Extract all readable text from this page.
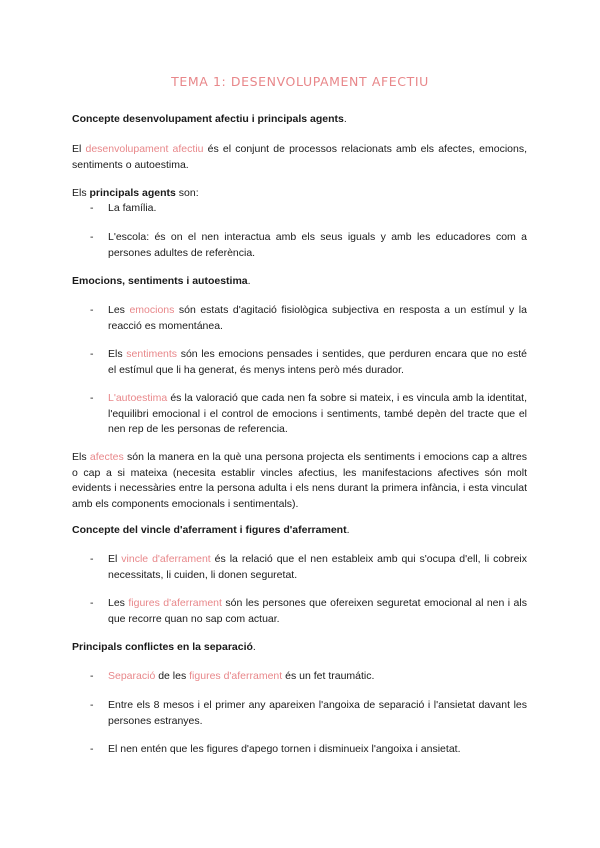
TEMA 1: DESENVOLUPAMENT AFECTIU

Concepte desenvolupament afectiu i principals agents.

El desenvolupament afectiu és el conjunt de processos relacionats amb els afectes, emocions, sentiments o autoestima.

Els principals agents son:

- La família.
- L'escola: és on el nen interactua amb els seus iguals y amb les educadores com a persones adultes de referència.

Emocions, sentiments i autoestima.

- Les emocions són estats d'agitació fisiològica subjectiva en resposta a un estímul y la reacció es momentánea.
- Els sentiments són les emocions pensades i sentides, que perduren encara que no esté el estímul que li ha generat, és menys intens però més durador.
- L'autoestima és la valoració que cada nen fa sobre si mateix, i es vincula amb la identitat, l'equilibri emocional i el control de emocions i sentiments, també depèn del tracte que el nen rep de les personas de referencia.

Els afectes són la manera en la què una persona projecta els sentiments i emocions cap a altres o cap a si mateixa (necesita establir vincles afectius, les manifestacions afectives són molt evidents i necessàries entre la persona adulta i els nens durant la primera infància, i esta vinculat amb els components emocionals i sentimentals).

Concepte del vincle d'aferrament i figures d'aferrament.

- El vincle d'aferrament és la relació que el nen estableix amb qui s'ocupa d'ell, li cobreix necessitats, li cuiden, li donen seguretat.
- Les figures d'aferrament són les persones que ofereixen seguretat emocional al nen i als que recorre quan no sap com actuar.

Principals conflictes en la separació.

- Separació de les figures d'aferrament és un fet traumátic.
- Entre els 8 mesos i el primer any apareixen l'angoixa de separació i l'ansietat davant les persones estranyes.
- El nen entén que les figures d'apego tornen i disminueix l'angoixa i ansietat.
